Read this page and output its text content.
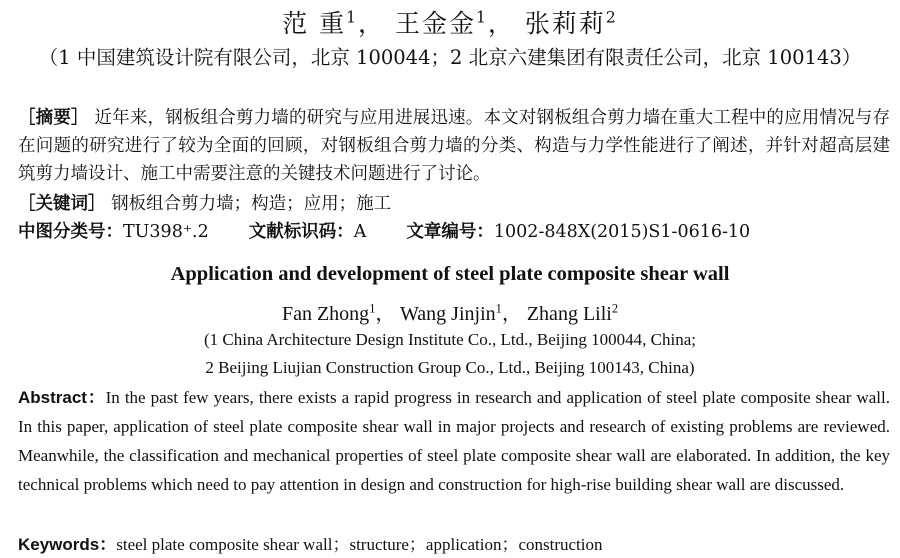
范 重$^1$， 王金金$^1$， 张莉莉$^2$
（1 中国建筑设计院有限公司，北京 100044；2 北京六建集团有限责任公司，北京 100143）
［摘要］ 近年来，钢板组合剪力墙的研究与应用进展迅速。本文对钢板组合剪力墙在重大工程中的应用情况与存在问题的研究进行了较为全面的回顾，对钢板组合剪力墙的分类、构造与力学性能进行了阐述，并针对超高层建筑剪力墙设计、施工中需要注意的关键技术问题进行了讨论。
［关键词］ 钢板组合剪力墙；构造；应用；施工
中图分类号：TU398⁺.2 文献标识码：A 文章编号：1002-848X(2015)S1-0616-10
Application and development of steel plate composite shear wall
Fan Zhong$^1$， Wang Jinjin$^1$， Zhang Lili$^2$
(1 China Architecture Design Institute Co., Ltd., Beijing 100044, China;
2 Beijing Liujian Construction Group Co., Ltd., Beijing 100143, China)
Abstract：In the past few years, there exists a rapid progress in research and application of steel plate composite shear wall. In this paper, application of steel plate composite shear wall in major projects and research of existing problems are reviewed. Meanwhile, the classification and mechanical properties of steel plate composite shear wall are elaborated. In addition, the key technical problems which need to pay attention in design and construction for high-rise building shear wall are discussed.
Keywords：steel plate composite shear wall；structure；application；construction
